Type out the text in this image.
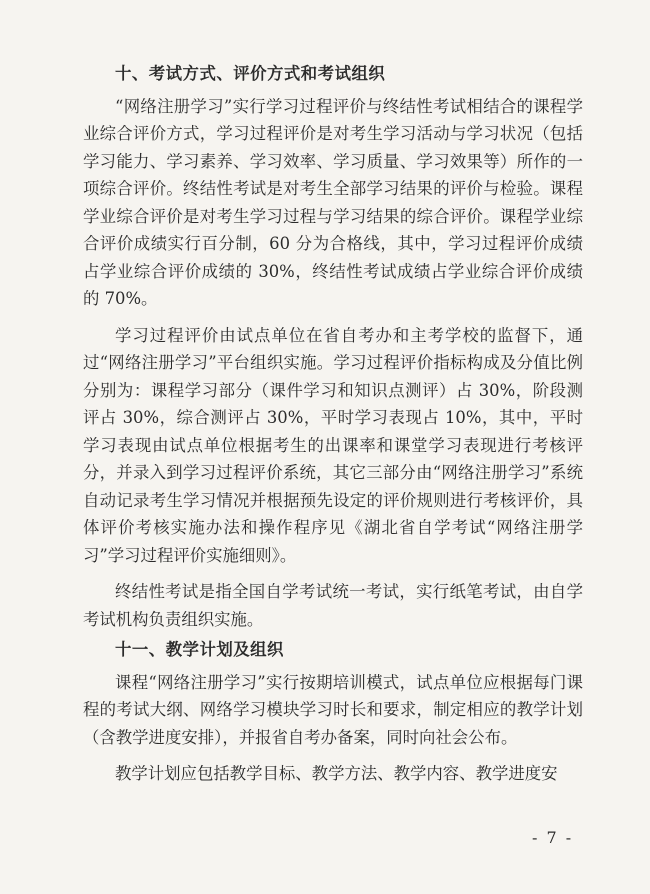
十、考试方式、评价方式和考试组织

“网络注册学习”实行学习过程评价与终结性考试相结合的课程学业综合评价方式，学习过程评价是对考生学习活动与学习状况（包括学习能力、学习素养、学习效率、学习质量、学习效果等）所作的一项综合评价。终结性考试是对考生全部学习结果的评价与检验。课程学业综合评价是对考生学习过程与学习结果的综合评价。课程学业综合评价成绩实行百分制，60 分为合格线，其中，学习过程评价成绩占学业综合评价成绩的 30%，终结性考试成绩占学业综合评价成绩的 70%。

学习过程评价由试点单位在省自考办和主考学校的监督下，通过“网络注册学习”平台组织实施。学习过程评价指标构成及分值比例分别为：课程学习部分（课件学习和知识点测评）占 30%，阶段测评占 30%，综合测评占 30%，平时学习表现占 10%，其中，平时学习表现由试点单位根据考生的出课率和课堂学习表现进行考核评分，并录入到学习过程评价系统，其它三部分由“网络注册学习”系统自动记录考生学习情况并根据预先设定的评价规则进行考核评价，具体评价考核实施办法和操作程序见《湖北省自学考试“网络注册学习”学习过程评价实施细则》。

终结性考试是指全国自学考试统一考试，实行纸笔考试，由自学考试机构负责组织实施。

十一、教学计划及组织

课程“网络注册学习”实行按期培训模式，试点单位应根据每门课程的考试大纲、网络学习模块学习时长和要求，制定相应的教学计划（含教学进度安排），并报省自考办备案，同时向社会公布。

教学计划应包括教学目标、教学方法、教学内容、教学进度安

- 7 -
